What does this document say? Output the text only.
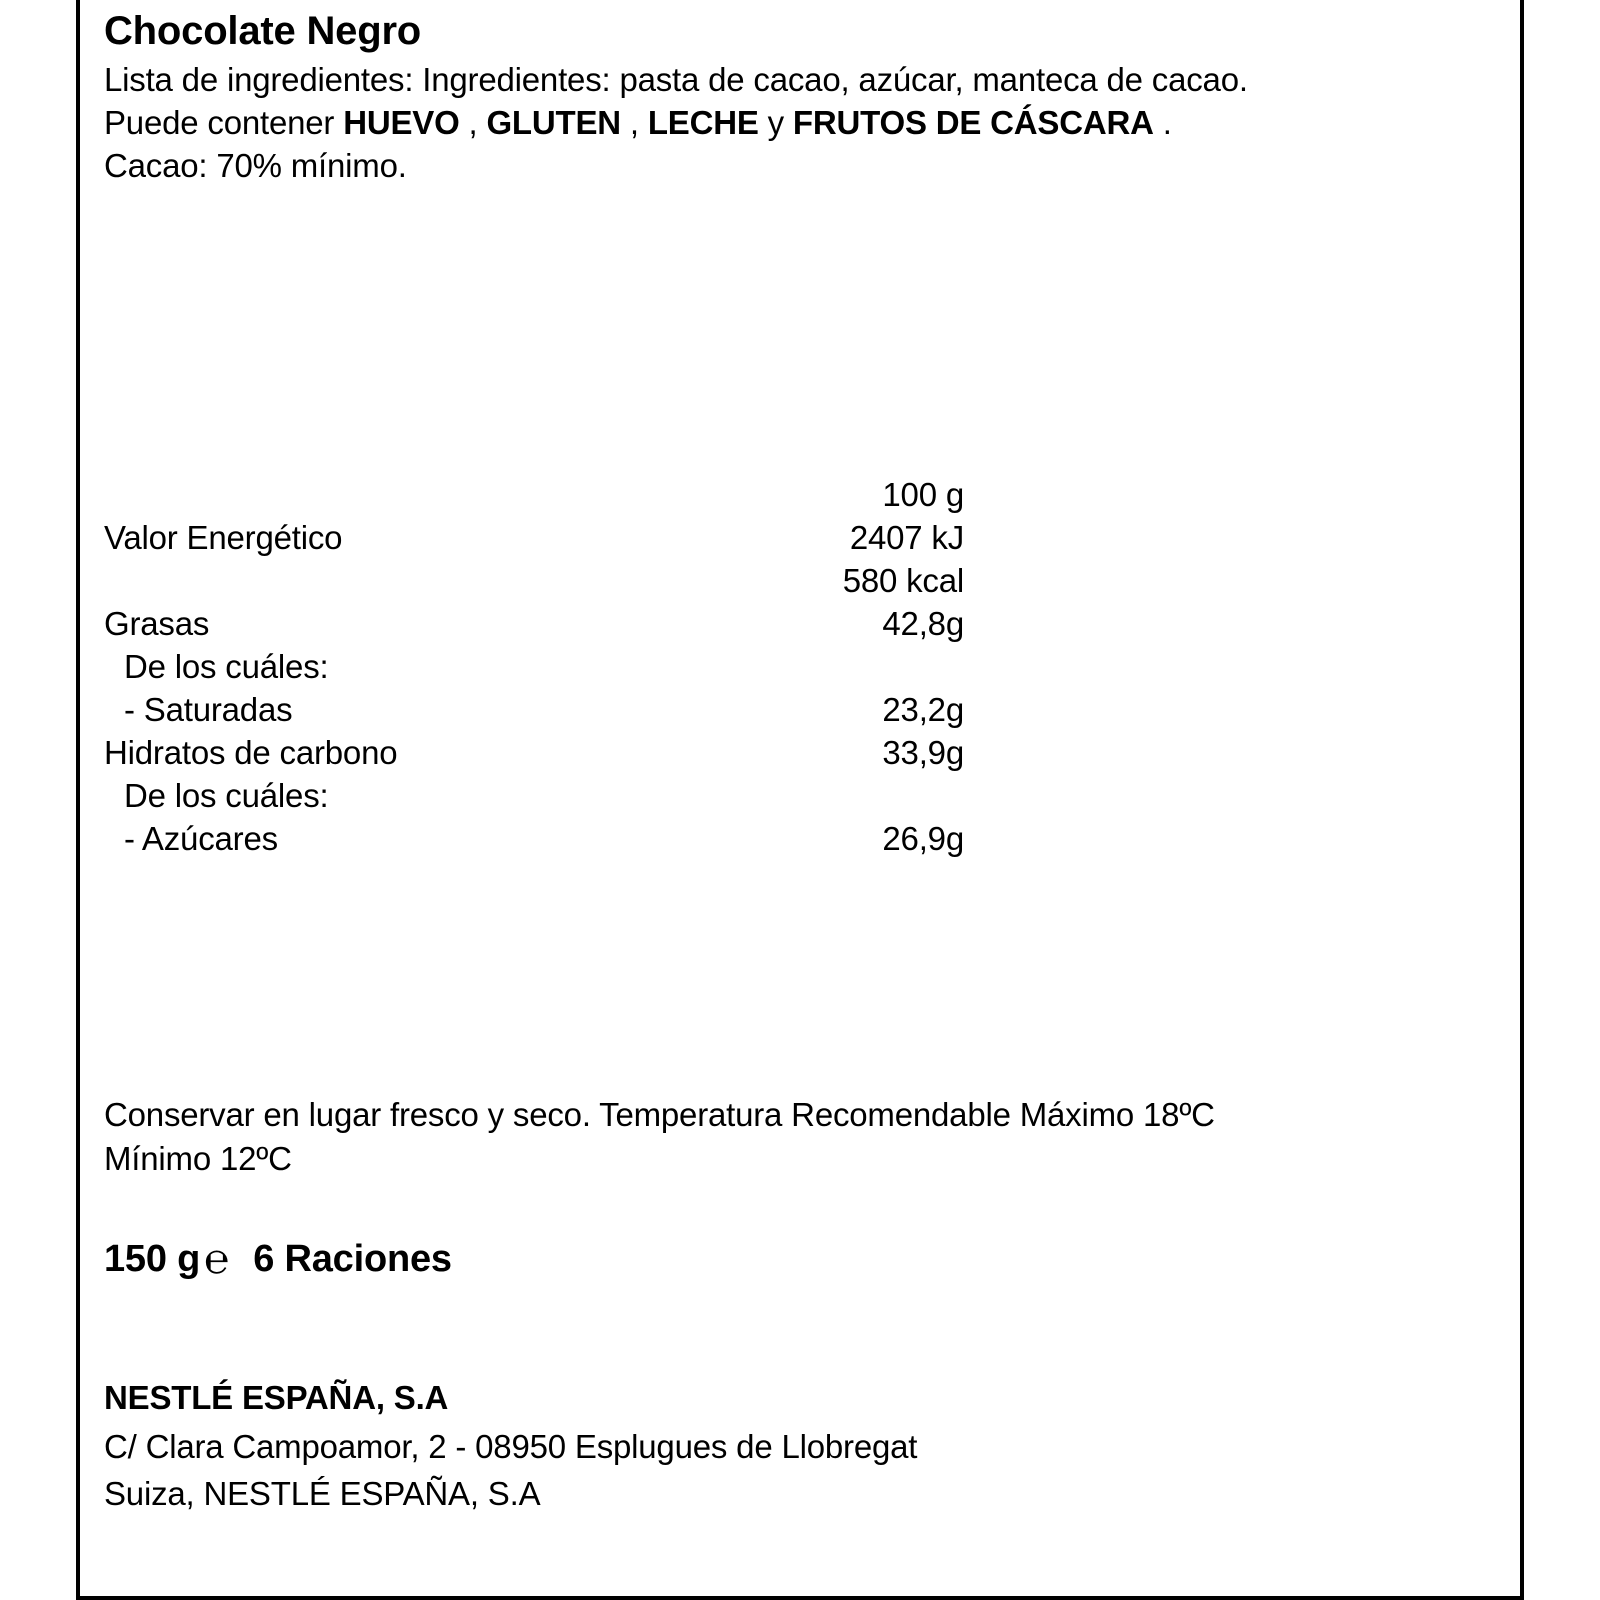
Chocolate Negro
Lista de ingredientes: Ingredientes: pasta de cacao, azúcar, manteca de cacao.
Puede contener HUEVO , GLUTEN , LECHE y FRUTOS DE CÁSCARA .
Cacao: 70% mínimo.
100 g
Valor Energético	2407 kJ
580 kcal
Grasas	42,8g
De los cuáles:
- Saturadas	23,2g
Hidratos de carbono	33,9g
De los cuáles:
- Azúcares	26,9g
Conservar en lugar fresco y seco. Temperatura Recomendable Máximo 18ºC
Mínimo 12ºC
150 g ℮ 6 Raciones
NESTLÉ ESPAÑA, S.A
C/ Clara Campoamor, 2 - 08950 Esplugues de Llobregat
Suiza, NESTLÉ ESPAÑA, S.A
